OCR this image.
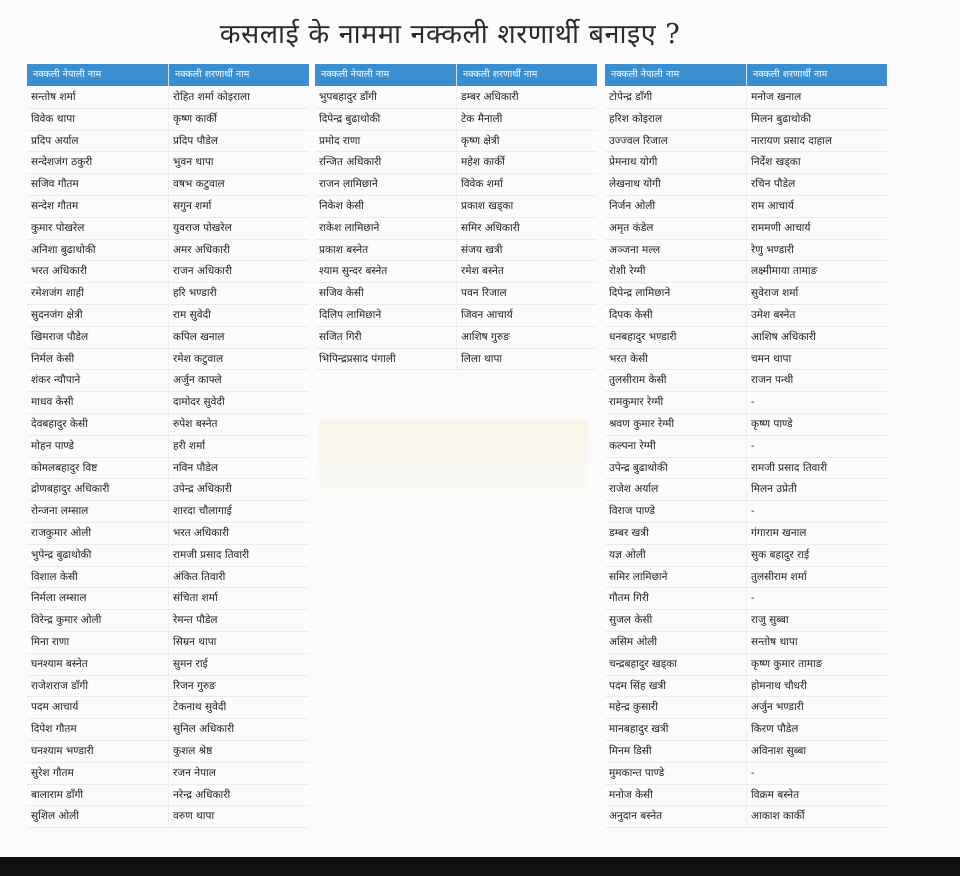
कसलाई के नाममा नक्कली शरणार्थी बनाइए ?
नक्कली नेपाली नाम	नक्कली शरणार्थी नाम
सन्तोष शर्मा	रोहित शर्मा कोइराला
विवेक थापा	कृष्ण कार्की
प्रदिप अर्याल	प्रदिप पौडेल
सन्देशजंग ठकुरी	भुवन थापा
सजिव गौतम	वषभ कटुवाल
सन्देश गौतम	सगुन शर्मा
कुमार पोखरेल	युवराज पोखरेल
अनिशा बुढाथोकी	अमर अधिकारी
भरत अधिकारी	राजन अधिकारी
रमेशजंग शाही	हरि भण्डारी
सुदनजंग क्षेत्री	राम सुवेदी
खिमराज पौडेल	कपिल खनाल
निर्मल केसी	रमेश कटुवाल
शंकर न्यौपाने	अर्जुन काफ्ले
माधव केसी	दामोदर सुवेदी
देवबहादुर केसी	रुपेश बस्नेत
मोहन पाण्डे	हरी शर्मा
कोमलबहादुर विष्ट	नविन पौडेल
द्रोणबहादुर अधिकारी	उपेन्द्र अधिकारी
रोन्जना लम्साल	शारदा चौलागाई
राजकुमार ओली	भरत अधिकारी
भुपेन्द्र बुढाथोकी	रामजी प्रसाद तिवारी
विशाल केसी	अंकित तिवारी
निर्मला लम्साल	संचिता शर्मा
विरेन्द्र कुमार ओली	रेमन्त पौडेल
मिना राणा	सिम्रन थापा
घनश्याम बस्नेत	सुमन राई
राजेशराज डाँगी	रिजन गुरुङ
पदम आचार्य	टेकनाथ सुवेदी
दिपेश गौतम	सुनिल अधिकारी
घनश्याम भण्डारी	कुशल श्रेष्ठ
सुरेश गौतम	रजन नेपाल
बालाराम डाँगी	नरेन्द्र अधिकारी
सुशिल ओली	वरुण थापा
नक्कली नेपाली नाम	नक्कली शरणार्थी नाम
भुपबहादुर डाँगी	डम्बर अधिकारी
दिपेन्द्र बुढाथोकी	टेक मैनाली
प्रमोद राणा	कृष्ण क्षेत्री
रन्जित अधिकारी	महेश कार्की
राजन लामिछाने	विवेक शर्मा
निकेश केसी	प्रकाश खड्का
राकेश लामिछाने	समिर अधिकारी
प्रकाश बस्नेत	संजय खत्री
श्याम सुन्दर बस्नेत	रमेश बस्नेत
सजिव केसी	पवन रिजाल
दिलिप लामिछाने	जिवन आचार्य
सजित गिरी	आशिष गुरुङ
भिपिन्द्रप्रसाद पंगाली	लिला थापा
नक्कली नेपाली नाम	नक्कली शरणार्थी नाम
टोपेन्द्र डाँगी	मनोज खनाल
हरिश कोइराल	मिलन बुढाथोकी
उज्ज्वल रिजाल	नारायण प्रसाद दाहाल
प्रेमनाथ योगी	निर्देश खड्का
लेखनाथ योगी	रचिन पौडेल
निर्जन ओली	राम आचार्य
अमृत कंडेल	राममणी आचार्य
अञ्जना मल्ल	रेणु भण्डारी
रोशी रेग्मी	लक्ष्मीमाया तामाङ
दिपेन्द्र लामिछाने	सुवेराज शर्मा
दिपक केसी	उमेश बस्नेत
धनबहादुर भण्डारी	आशिष अधिकारी
भरत केसी	चमन थापा
तुलसीराम केसी	राजन पन्थी
रामकुमार रेग्मी	-
श्रवण कुमार रेग्मी	कृष्ण पाण्डे
कल्पना रेग्मी	-
उपेन्द्र बुढाथोकी	रामजी प्रसाद तिवारी
राजेश अर्याल	मिलन उप्रेती
विराज पाण्डे	-
डम्बर खत्री	गंगाराम खनाल
यज्ञ ओली	सुक बहादुर राई
समिर लामिछाने	तुलसीराम शर्मा
गौतम गिरी	-
सुजल केसी	राजु सुब्बा
असिम ओली	सन्तोष थापा
चन्द्रबहादुर खड्का	कृष्ण कुमार तामाङ
पदम सिंह खत्री	होमनाथ चौधरी
महेन्द्र कुसारी	अर्जुन भण्डारी
मानबहादुर खत्री	किरण पौडेल
मिनम डिसी	अविनाश सुब्बा
मुमकान्त पाण्डे	-
मनोज केसी	विक्रम बस्नेत
अनुदान बस्नेत	आकाश कार्की
